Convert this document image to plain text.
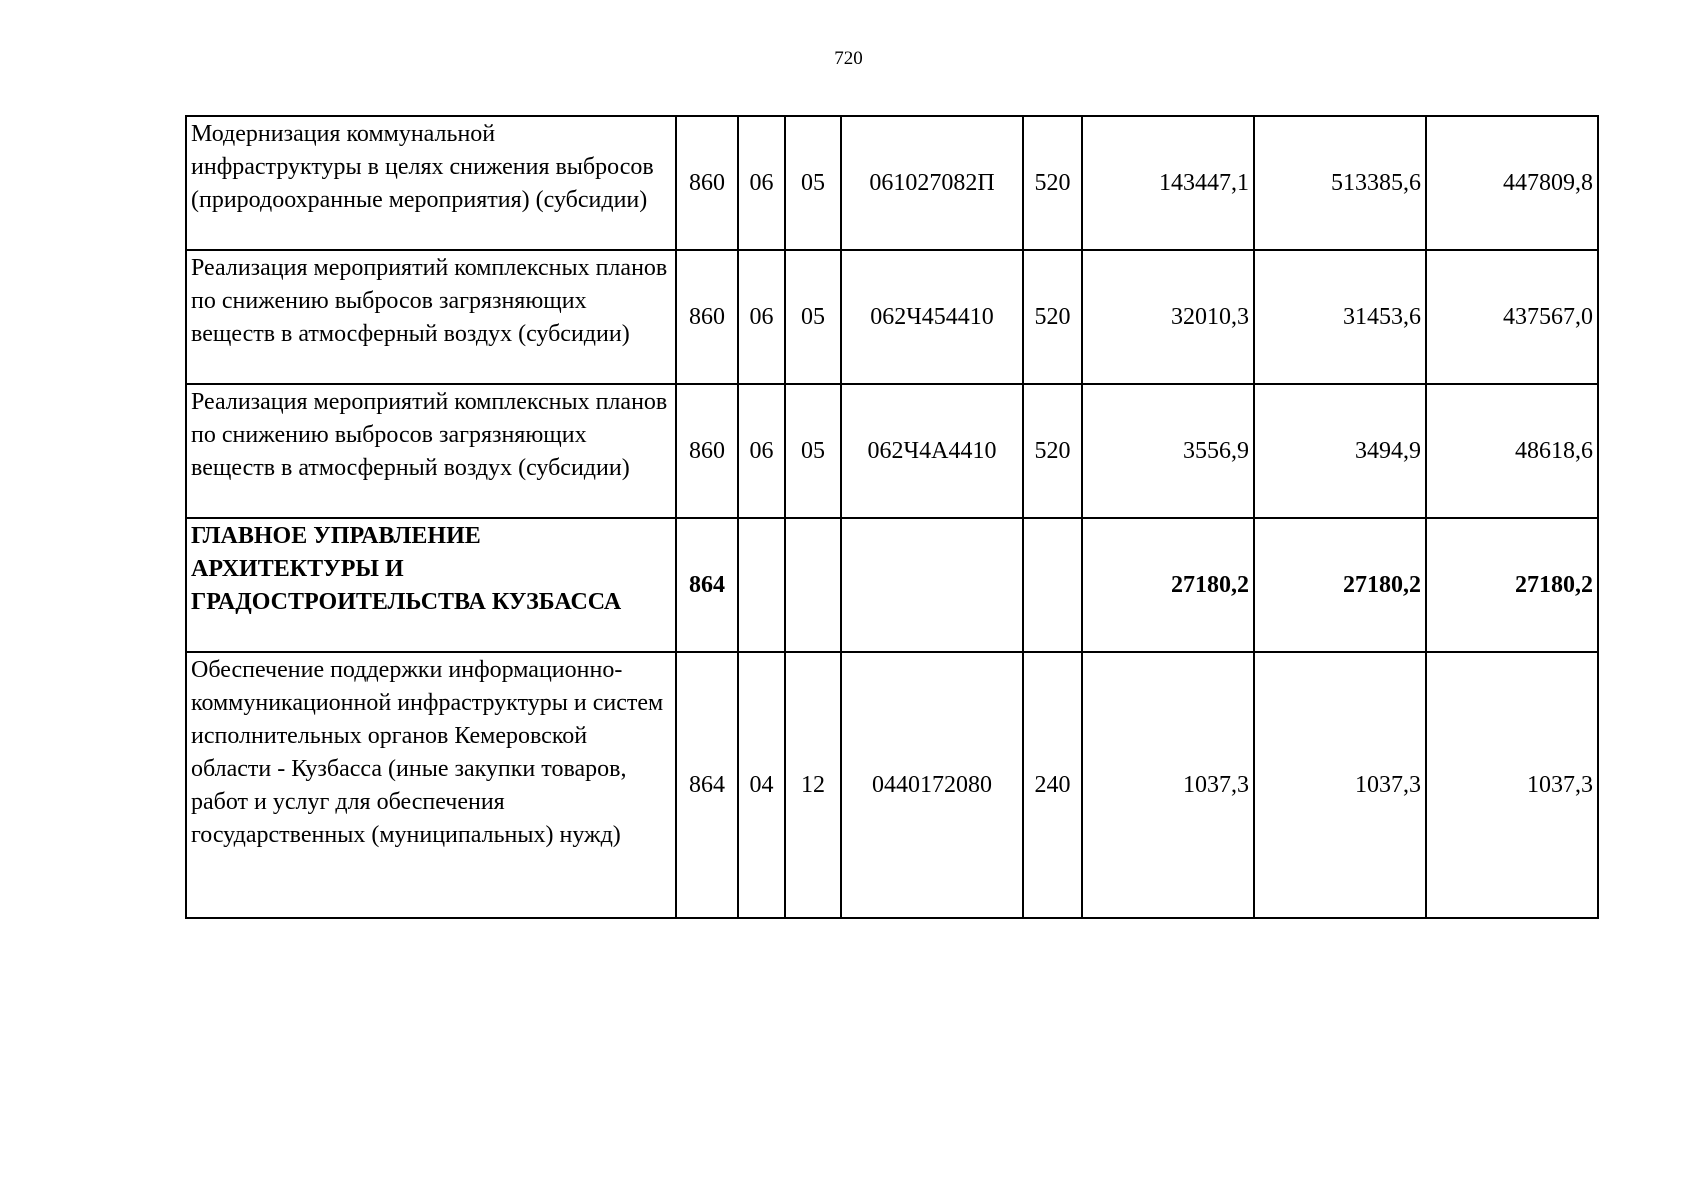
720
Модернизация коммунальной инфраструктуры в целях снижения выбросов (природоохранные мероприятия) (субсидии)	860	06	05	061027082П	520	143447,1	513385,6	447809,8
Реализация мероприятий комплексных планов по снижению выбросов загрязняющих веществ в атмосферный воздух (субсидии)	860	06	05	062Ч454410	520	32010,3	31453,6	437567,0
Реализация мероприятий комплексных планов по снижению выбросов загрязняющих веществ в атмосферный воздух (субсидии)	860	06	05	062Ч4А4410	520	3556,9	3494,9	48618,6
ГЛАВНОЕ УПРАВЛЕНИЕ АРХИТЕКТУРЫ И ГРАДОСТРОИТЕЛЬСТВА КУЗБАССА	864					27180,2	27180,2	27180,2
Обеспечение поддержки информационно-коммуникационной инфраструктуры и систем исполнительных органов Кемеровской области - Кузбасса (иные закупки товаров, работ и услуг для обеспечения государственных (муниципальных) нужд)	864	04	12	0440172080	240	1037,3	1037,3	1037,3
